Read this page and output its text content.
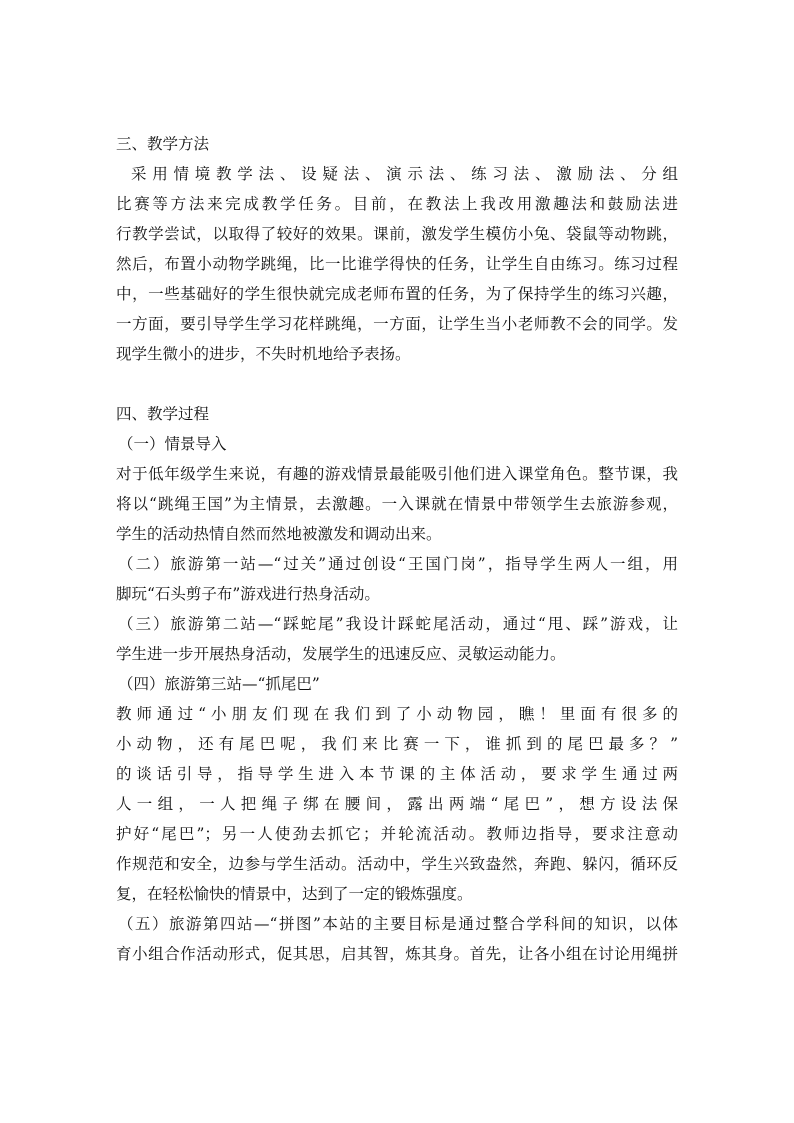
三、教学方法
采用情境教学法、设疑法、演示法、练习法、激励法、分组
比赛等方法来完成教学任务。目前，在教法上我改用激趣法和鼓励法进
行教学尝试，以取得了较好的效果。课前，激发学生模仿小兔、袋鼠等动物跳，
然后，布置小动物学跳绳，比一比谁学得快的任务，让学生自由练习。练习过程
中，一些基础好的学生很快就完成老师布置的任务，为了保持学生的练习兴趣，
一方面，要引导学生学习花样跳绳，一方面，让学生当小老师教不会的同学。发
现学生微小的进步，不失时机地给予表扬。
四、教学过程
（一）情景导入
对于低年级学生来说，有趣的游戏情景最能吸引他们进入课堂角色。整节课，我
将以“跳绳王国”为主情景，去激趣。一入课就在情景中带领学生去旅游参观，
学生的活动热情自然而然地被激发和调动出来。
（二）旅游第一站—“过关”通过创设“王国门岗”，指导学生两人一组，用
脚玩“石头剪子布”游戏进行热身活动。
（三）旅游第二站—“踩蛇尾”我设计踩蛇尾活动，通过“甩、踩”游戏，让
学生进一步开展热身活动，发展学生的迅速反应、灵敏运动能力。
（四）旅游第三站—“抓尾巴”
教师通过“小朋友们现在我们到了小动物园，瞧！里面有很多的
小动物，还有尾巴呢，我们来比赛一下，谁抓到的尾巴最多？”
的谈话引导，指导学生进入本节课的主体活动，要求学生通过两
人一组，一人把绳子绑在腰间，露出两端“尾巴”，想方设法保
护好“尾巴”；另一人使劲去抓它；并轮流活动。教师边指导，要求注意动
作规范和安全，边参与学生活动。活动中，学生兴致盎然，奔跑、躲闪，循环反
复，在轻松愉快的情景中，达到了一定的锻炼强度。
（五）旅游第四站—“拼图”本站的主要目标是通过整合学科间的知识，以体
育小组合作活动形式，促其思，启其智，炼其身。首先，让各小组在讨论用绳拼
